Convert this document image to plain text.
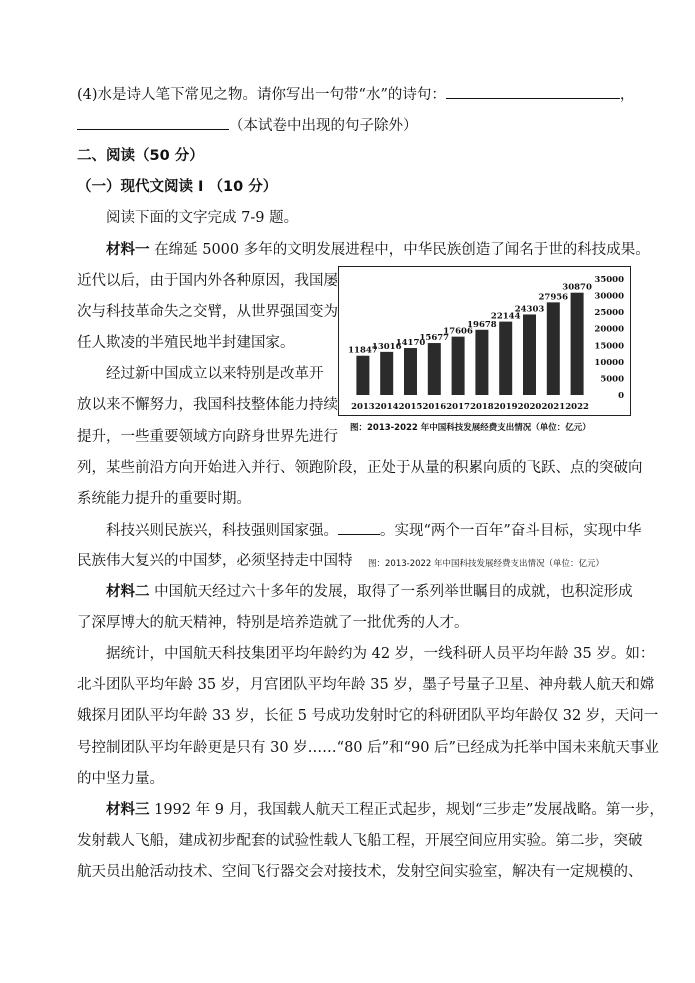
(4)水是诗人笔下常见之物。请你写出一句带“水”的诗句：	，
（本试卷中出现的句子除外）
二、阅读（50 分）
（一）现代文阅读 I （10 分）
阅读下面的文字完成 7-9 题。
材料一 在绵延 5000 多年的文明发展进程中，中华民族创造了闻名于世的科技成果。
近代以后，由于国内外各种原因，我国屡
次与科技革命失之交臂，从世界强国变为
任人欺凌的半殖民地半封建国家。
经过新中国成立以来特别是改革开
放以来不懈努力，我国科技整体能力持续
提升，一些重要领域方向跻身世界先进行
列，某些前沿方向开始进入并行、领跑阶段，正处于从量的积累向质的飞跃、点的突破向
系统能力提升的重要时期。
科技兴则民族兴，科技强则国家强。	。实现“两个一百年”奋斗目标，实现中华
民族伟大复兴的中国梦，必须坚持走中国特 图：2013-2022 年中国科技发展经费支出情况（单位：亿元）
材料二 中国航天经过六十多年的发展，取得了一系列举世瞩目的成就，也积淀形成
了深厚博大的航天精神，特别是培养造就了一批优秀的人才。
据统计，中国航天科技集团平均年龄约为 42 岁，一线科研人员平均年龄 35 岁。如：
北斗团队平均年龄 35 岁，月宫团队平均年龄 35 岁，墨子号量子卫星、神舟载人航天和嫦
娥探月团队平均年龄 33 岁，长征 5 号成功发射时它的科研团队平均年龄仅 32 岁，天问一
号控制团队平均年龄更是只有 30 岁……“80 后”和“90 后”已经成为托举中国未来航天事业
的中坚力量。
材料三 1992 年 9 月，我国载人航天工程正式起步，规划“三步走”发展战略。第一步，
发射载人飞船，建成初步配套的试验性载人飞船工程，开展空间应用实验。第二步，突破
航天员出舱活动技术、空间飞行器交会对接技术，发射空间实验室，解决有一定规模的、
11847
2013
13016
2014
14170
2015
15677
2016
17606
2017
19678
2018
22144
2019
24303
2020
27956
2021
30870
2022
0
5000
10000
15000
20000
25000
30000
35000
图：2013-2022 年中国科技发展经费支出情况（单位：亿元）
